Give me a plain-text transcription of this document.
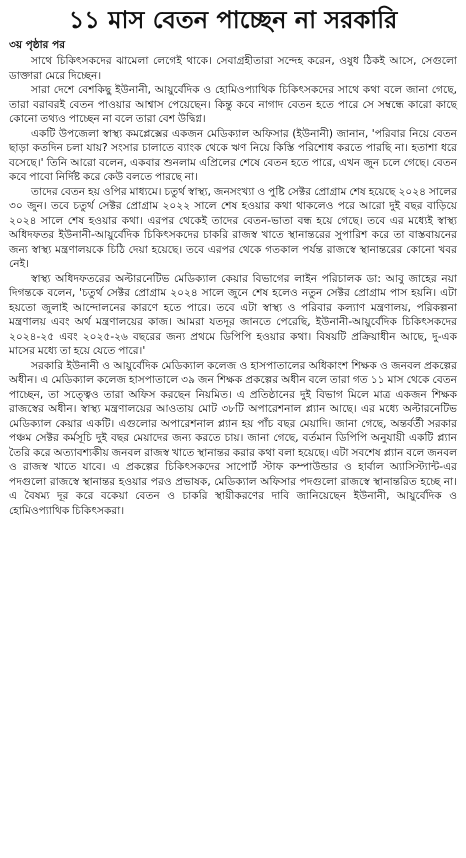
১১ মাস বেতন পাচ্ছেন না সরকারি

৩য় পৃষ্ঠার পর

সাথে চিকিৎসকদের ঝামেলা লেগেই থাকে। সেবাগ্রহীতারা সন্দেহ করেন, ওষুধ ঠিকই আসে, সেগুলো ডাক্তারা মেরে দিচ্ছেন।

সারা দেশে বেশকিছু ইউনানী, আয়ুর্বেদিক ও হোমিওপ্যাথিক চিকিৎসকদের সাথে কথা বলে জানা গেছে, তারা বরাবরই বেতন পাওয়ার আশ্বাস পেয়েছেন। কিন্তু কবে নাগাদ বেতন হতে পারে সে সম্বন্ধে কারো কাছে কোনো তথ্যও পাচ্ছেন না বলে তারা বেশ উদ্বিগ্ন।

একটি উপজেলা স্বাস্থ্য কমপ্লেক্সের একজন মেডিক্যাল অফিসার (ইউনানী) জানান, 'পরিবার নিয়ে বেতন ছাড়া কতদিন চলা যায়? সংসার চালাতে ব্যাংক থেকে ঋণ নিয়ে কিস্তি পরিশোধ করতে পারছি না। হতাশা ধরে বসেছে।' তিনি আরো বলেন, একবার শুনলাম এপ্রিলের শেষে বেতন হতে পারে, এখন জুন চলে গেছে। বেতন কবে পাবো নির্দিষ্ট করে কেউ বলতে পারছে না।

তাদের বেতন হয় ওপির মাধ্যমে। চতুর্থ স্বাস্থ্য, জনসংখ্যা ও পুষ্টি সেক্টর প্রোগ্রাম শেষ হয়েছে ২০২৪ সালের ৩০ জুন। তবে চতুর্থ সেক্টর প্রোগ্রাম ২০২২ সালে শেষ হওয়ার কথা থাকলেও পরে আরো দুই বছর বাড়িয়ে ২০২৪ সালে শেষ হওয়ার কথা। এরপর থেকেই তাদের বেতন-ভাতা বন্ধ হয়ে গেছে। তবে এর মধ্যেই স্বাস্থ্য অধিদফতর ইউনানী-আয়ুর্বেদিক চিকিৎসকদের চাকরি রাজস্ব খাতে স্থানান্তরের সুপারিশ করে তা বাস্তবায়নের জন্য স্বাস্থ্য মন্ত্রণালয়কে চিঠি দেয়া হয়েছে। তবে এরপর থেকে গতকাল পর্যন্ত রাজস্বে স্থানান্তরের কোনো খবর নেই।

স্বাস্থ্য অধিদফতরের অল্টারনেটিভ মেডিক্যাল কেয়ার বিভাগের লাইন পরিচালক ডা: আবু জাহের নয়া দিগন্তকে বলেন, 'চতুর্থ সেক্টর প্রোগ্রাম ২০২৪ সালে জুনে শেষ হলেও নতুন সেক্টর প্রোগ্রাম পাস হয়নি। এটা হয়তো জুলাই আন্দোলনের কারণে হতে পারে। তবে এটা স্বাস্থ্য ও পরিবার কল্যাণ মন্ত্রণালয়, পরিকল্পনা মন্ত্রণালয় এবং অর্থ মন্ত্রণালয়ের কাজ। আমরা যতদূর জানতে পেরেছি, ইউনানী-আয়ুর্বেদিক চিকিৎসকদের ২০২৪-২৫ এবং ২০২৫-২৬ বছরের জন্য প্রথমে ডিপিপি হওয়ার কথা। বিষয়টি প্রক্রিয়াধীন আছে, দু-এক মাসের মধ্যে তা হয়ে যেতে পারে।'

সরকারি ইউনানী ও আয়ুর্বেদিক মেডিক্যাল কলেজ ও হাসপাতালের অধিকাংশ শিক্ষক ও জনবল প্রকল্পের অধীন। এ মেডিক্যাল কলেজ হাসপাতালে ৩৯ জন শিক্ষক প্রকল্পের অধীন বলে তারা গত ১১ মাস থেকে বেতন পাচ্ছেন, তা সত্ত্বেও তারা অফিস করছেন নিয়মিত। এ প্রতিষ্ঠানের দুই বিভাগ মিলে মাত্র একজন শিক্ষক রাজস্বের অধীন। স্বাস্থ্য মন্ত্রণালয়ের আওতায় মোট ৩৮টি অপারেশনাল প্ল্যান আছে। এর মধ্যে অল্টারনেটিভ মেডিক্যাল কেয়ার একটি। এগুলোর অপারেশনাল প্ল্যান হয় পাঁচ বছর মেয়াদি। জানা গেছে, অন্তর্বর্তী সরকার পঞ্চম সেক্টর কর্মসূচি দুই বছর মেয়াদের জন্য করতে চায়। জানা গেছে, বর্তমান ডিপিপি অনুযায়ী একটি প্ল্যান তৈরি করে অত্যাবশ্যকীয় জনবল রাজস্ব খাতে স্থানান্তর করার কথা বলা হয়েছে। এটা সবশেষ প্ল্যান বলে জনবল ও রাজস্ব খাতে যাবে। এ প্রকল্পের চিকিৎসকদের সাপোর্ট স্টাফ কম্পাউন্ডার ও হার্বাল অ্যাসিস্ট্যান্ট-এর পদগুলো রাজস্বে স্থানান্তর হওয়ার পরও প্রভাষক, মেডিক্যাল অফিসার পদগুলো রাজস্বে স্থানান্তরিত হচ্ছে না। এ বৈষম্য দূর করে বকেয়া বেতন ও চাকরি স্থায়ীকরণের দাবি জানিয়েছেন ইউনানী, আয়ুর্বেদিক ও হোমিওপ্যাথিক চিকিৎসকরা।
